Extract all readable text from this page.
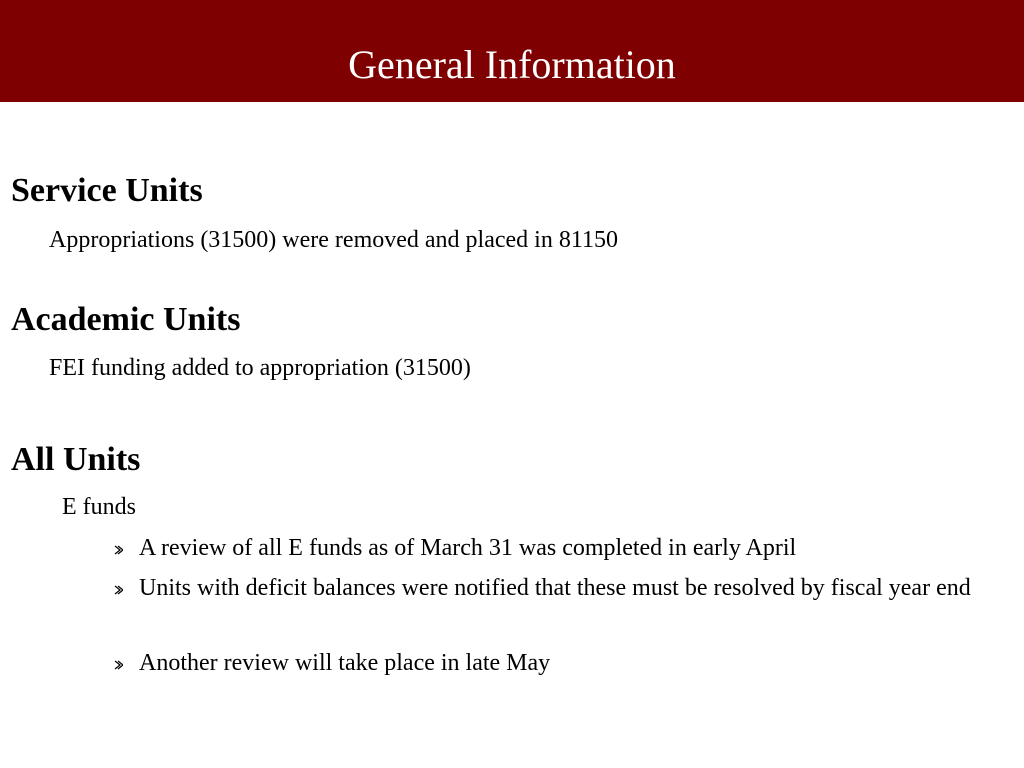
General Information
Service Units
Appropriations (31500) were removed and placed in 81150
Academic Units
FEI funding added to appropriation (31500)
All Units
E funds
A review of all E funds as of March 31 was completed in early April
Units with deficit balances were notified that these must be resolved by fiscal year end
Another review will take place in late May
